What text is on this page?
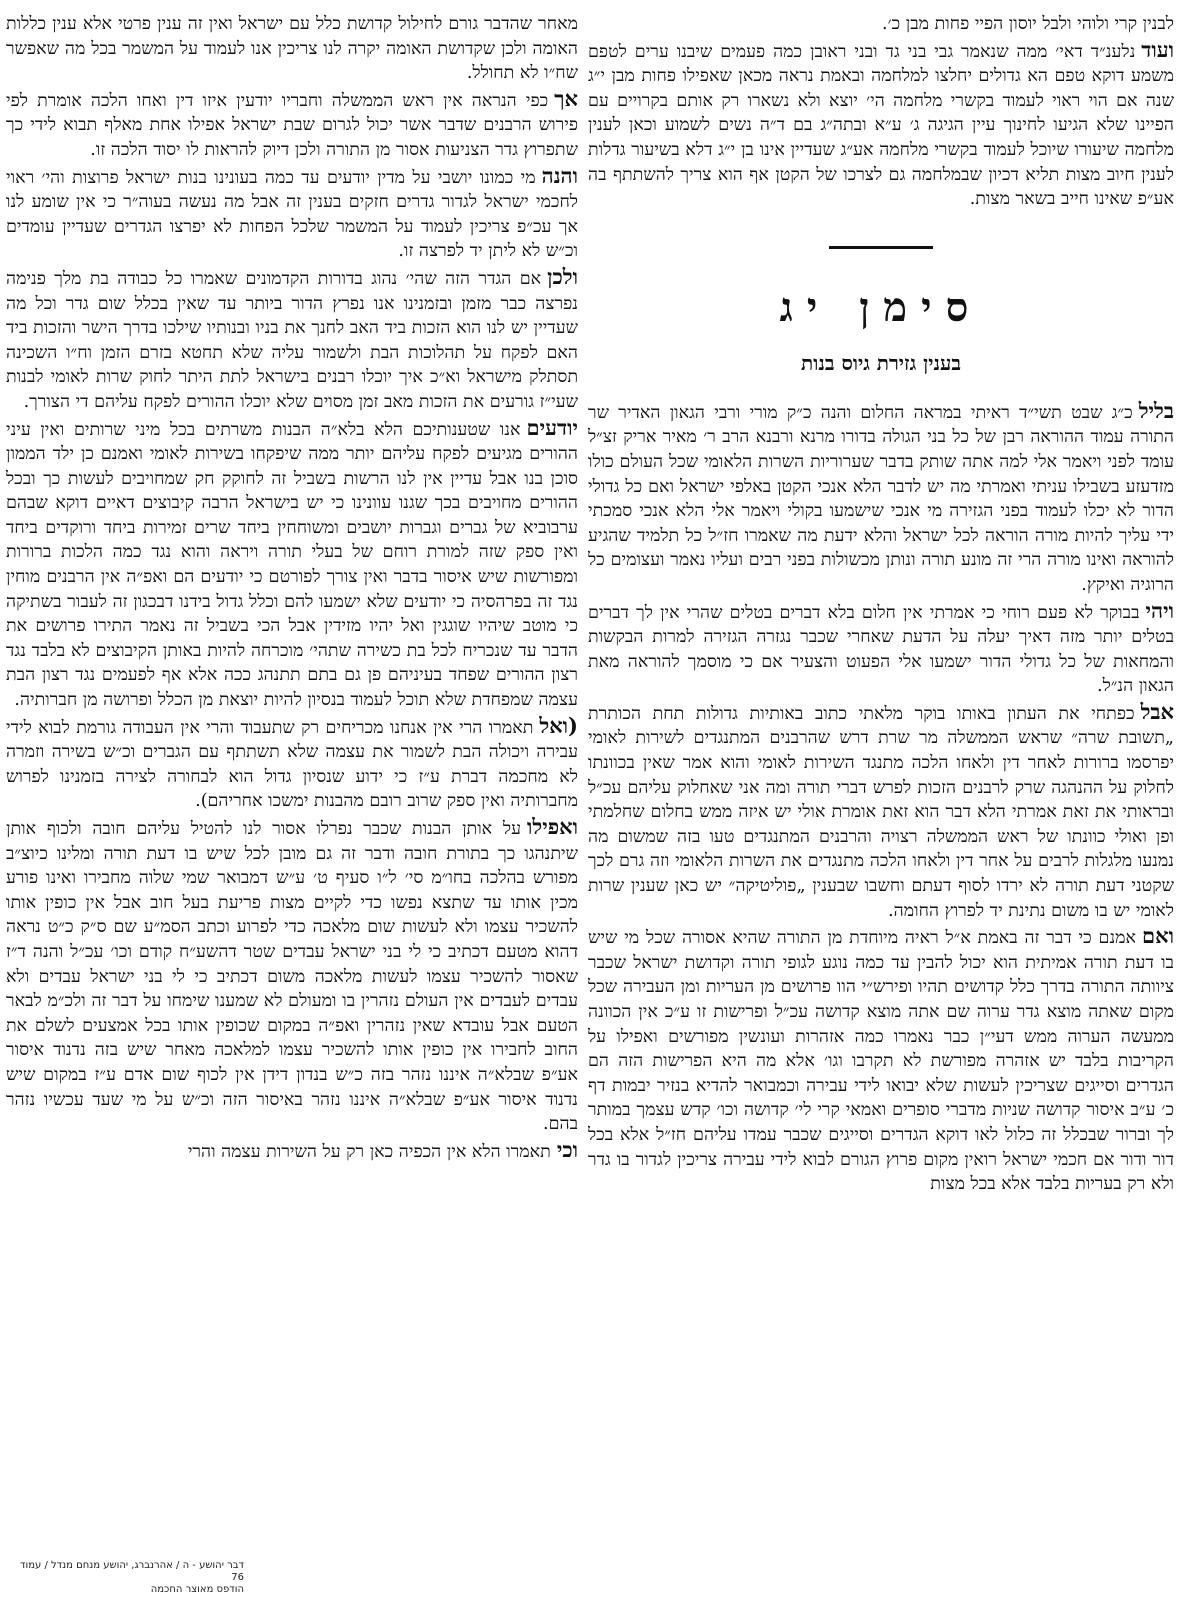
לבנין קרי ולוהי ולבל יוסון הפיי פחות מבן כ׳.

ועודנלענ״ד דאי׳ ממה שנאמר גבי בני גד ובני ראובן כמה פעמים שיבנו ערים לטפם משמע דוקא טפם הא גדולים יחלצו למלחמה ובאמת נראה מכאן שאפילו פחות מבן י״ג שנה אם הוי ראוי לעמוד בקשרי מלחמה הי׳ יוצא ולא נשארו רק אותם בקרויים עם הפיינו שלא הגיעו לחינוך עיין הגיגה ג׳ ע״א ובתה״ג בם ד״ה נשים לשמוע וכאן לענין מלחמה שיעורו שיוכל לעמוד בקשרי מלחמה אע״ג שעדיין אינו בן י״ג דלא בשיעור גדלות לענין חיוב מצות תליא דכיון שבמלחמה גם לצרכו של הקטן אף הוא צריך להשתתף בה אע״פ שאינו חייב בשאר מצות.

סימן יג
בענין גזירת גיוס בנות

בלילכ״ג שבט תשי״ד ראיתי במראה החלום והנה כ״ק מורי ורבי הגאון האדיר שר התורה עמוד ההוראה רבן של כל בני הגולה בדורו מרנא ורבנא הרב ר׳ מאיר אריק זצ״ל עומד לפני ויאמר אלי למה אתה שותק בדבר שערוריות השרות הלאומי שכל העולם כולו מזדעזע בשבילו עניתי ואמרתי מה יש לדבר הלא אנכי הקטן באלפי ישראל ואם כל גדולי הדור לא יכלו לעמוד בפני הגזירה מי אנכי שישמעו בקולי ויאמר אלי הלא אנכי סמכתי ידי עליך להיות מורה הוראה לכל ישראל והלא ידעת מה שאמרו חז״ל כל תלמיד שהגיע להוראה ואינו מורה הרי זה מונע תורה ונותן מכשולות בפני רבים ועליו נאמר ועצומים כל הרוגיה ואיקץ.

ויהיבבוקר לא פעם רוחי כי אמרתי אין חלום בלא דברים בטלים שהרי אין לך דברים בטלים יותר מזה דאיך יעלה על הדעת שאחרי שכבר נגזרה הגזירה למרות הבקשות והמחאות של כל גדולי הדור ישמעו אלי הפעוט והצעיר אם כי מוסמך להוראה מאת הגאון הנ״ל.

אבלכפתחי את העתון באותו בוקר מלאתי כתוב באותיות גדולות תחת הכותרת „תשובת שרה״ שראש הממשלה מר שרת דרש שהרבנים המתנגדים לשירות לאומי יפרסמו ברורות לאחר דין ולאחו הלכה מתנגד השירות לאומי והוא אמר שאין בכוונתו לחלוק על ההנהגה שרק לרבנים הזכות לפרש דברי תורה ומה אני שאחלוק עליהם עכ״ל ובראותי את זאת אמרתי הלא דבר הוא זאת אומרת אולי יש איזה ממש בחלום שחלמתי ופן ואולי כוונתו של ראש הממשלה רצויה והרבנים המתנגדים טעו בזה שמשום מה נמנעו מלגלות לרבים על אחר דין ולאחו הלכה מתנגדים את השרות הלאומי וזה גרם לכך שקטני דעת תורה לא ירדו לסוף דעתם וחשבו שבענין „פוליטיקה״ יש כאן שענין שרות לאומי יש בו משום נתינת יד לפרוץ החומה.

ואםאמנם כי דבר זה באמת א״ל ראיה מיוחדת מן התורה שהיא אסורה שכל מי שיש בו דעת תורה אמיתית הוא יכול להבין עד כמה נוגע לגופי תורה וקדושת ישראל שכבר ציוותה התורה בדרך כלל קדושים תהיו ופירש״י הוו פרושים מן העריות ומן העבירה שכל מקום שאתה מוצא גדר ערוה שם אתה מוצא קדושה עכ״ל ופרישות זו ע״כ אין הכוונה ממעשה הערוה ממש דעי״ן כבר נאמרו כמה אזהרות ועונשין מפורשים ואפילו על הקריבות בלבד יש אזהרה מפורשת לא תקרבו וגו׳ אלא מה היא הפרישות הזה הם הגדרים וסייגים שצריכין לעשות שלא יבואו לידי עבירה וכמבואר להדיא בנזיר יבמות דף כ׳ ע״ב איסור קדושה שניות מדברי סופרים ואמאי קרי לי׳ קדושה וכו׳ קדש עצמך במותר לך וברור שבכלל זה כלול לאו דוקא הגדרים וסייגים שכבר עמדו עליהם חז״ל אלא בכל דור ודור אם חכמי ישראל רואין מקום פרוץ הגורם לבוא לידי עבירה צריכין לגדור בו גדר ולא רק בעריות בלבד אלא בכל מצות

מאחר שהדבר גורם לחילול קדושת כלל עם ישראל ואין זה ענין פרטי אלא ענין כללות האומה ולכן שקדושת האומה יקרה לנו צריכין אנו לעמוד על המשמר בכל מה שאפשר שח״ו לא תחולל.

אךכפי הנראה אין ראש הממשלה וחבריו יודעין איזו דין ואחו הלכה אומרת לפי פירוש הרבנים שדבר אשר יכול לגרום שבת ישראל אפילו אחת מאלף תבוא לידי כך שתפרוץ גדר הצניעות אסור מן התורה ולכן דיוק להראות לו יסוד הלכה זו.

והנהמי כמונו יושבי על מדין יודעים עד כמה בעונינו בנות ישראל פרוצות והי׳ ראוי לחכמי ישראל לגדור גדרים חזקים בענין זה אבל מה נעשה בעוה״ר כי אין שומע לנו אך עכ״פ צריכין לעמוד על המשמר שלכל הפחות לא יפרצו הגדרים שעדיין עומדים וכ״ש לא ליתן יד לפרצה זו.

ולכןאם הגדר הזה שהי׳ נהוג בדורות הקדמונים שאמרו כל כבודה בת מלך פנימה נפרצה כבר מזמן ובזמנינו אנו נפרץ הדור ביותר עד שאין בכלל שום גדר וכל מה שעדיין יש לנו הוא הזכות ביד האב לחנך את בניו ובנותיו שילכו בדרך הישר והזכות ביד האם לפקח על תהלוכות הבת ולשמור עליה שלא תחטא בזרם הזמן וח״ו השכינה תסתלק מישראל וא״כ איך יוכלו רבנים בישראל לתת היתר לחוק שרות לאומי לבנות שעי״ז גורעים את הזכות מאב זמן מסוים שלא יוכלו ההורים לפקח עליהם די הצורך.

יודעיםאנו שטענותיכם הלא בלא״ה הבנות משרתים בכל מיני שרותים ואין עיני ההורים מגיעים לפקח עליהם יותר ממה שיפקחו בשירות לאומי ואמנם כן ילד הממון סוכן בנו אבל עדיין אין לנו הרשות בשביל זה לחוקק חק שמחויבים לעשות כך ובכל ההורים מחויבים בכך שגנו עוונינו כי יש בישראל הרבה קיבוצים דאיים דוקא שבהם ערבוביא של גברים וגברות יושבים ומשוחחין ביחד שרים זמירות ביחד ורוקדים ביחד ואין ספק שזה למורת רוחם של בעלי תורה ויראה והוא נגד כמה הלכות ברורות ומפורשות שיש איסור בדבר ואין צורך לפורטם כי יודעים הם ואפ״ה אין הרבנים מוחין נגד זה בפרהסיה כי יודעים שלא ישמעו להם וכלל גדול בידנו דבכגון זה לעבור בשתיקה כי מוטב שיהיו שוגגין ואל יהיו מזידין אבל הכי בשביל זה נאמר התירו פרושים את הדבר עד שנכריח לכל בת כשירה שתהי׳ מוכרחה להיות באותן הקיבוצים לא בלבד נגד רצון ההורים שפחד בעיניהם פן גם בתם תתנהג ככה אלא אף לפעמים נגד רצון הבת עצמה שמפחדת שלא תוכל לעמוד בנסיון להיות יוצאת מן הכלל ופרושה מן חברותיה.

(ואלתאמרו הרי אין אנחנו מכריחים רק שתעבוד והרי אין העבודה גורמת לבוא לידי עבירה ויכולה הבת לשמור את עצמה שלא תשתתף עם הגברים וכ״ש בשירה וזמרה לא מחכמה דברת ע״ז כי ידוע שנסיון גדול הוא לבחורה לצירה בזמנינו לפרוש מחברותיה ואין ספק שרוב רובם מהבנות ימשכו אחריהם).

ואפילועל אותן הבנות שכבר נפרלו אסור לנו להטיל עליהם חובה ולכוף אותן שיתנהגו כך בתורת חובה ודבר זה גם מובן לכל שיש בו דעת תורה ומלינו כיוצ״ב מפורש בהלכה בחו״מ סי׳ ל״ו סעיף ט׳ ע״ש דמבואר שמי שלוה מחבירו ואינו פורע מכין אותו עד שתצא נפשו כדי לקיים מצות פריעת בעל חוב אבל אין כופין אותו להשכיר עצמו ולא לעשות שום מלאכה כדי לפרוע וכתב הסמ״ע שם ס״ק כ״ט נראה דהוא מטעם דכתיב כי לי בני ישראל עבדים שטר דהשע״ח קודם וכו׳ עכ״ל והנה ד״ז שאסור להשכיר עצמו לעשות מלאכה משום דכתיב כי לי בני ישראל עבדים ולא עבדים לעבדים אין העולם נזהרין בו ומעולם לא שמענו שימחו על דבר זה ולכ״מ לבאר הטעם אבל עובדא שאין נזהרין ואפ״ה במקום שכופין אותו בכל אמצעים לשלם את החוב לחבירו אין כופין אותו להשכיר עצמו למלאכה מאחר שיש בזה נדנוד איסור אע״פ שבלא״ה איננו נזהר בזה כ״ש בנדון דידן אין לכוף שום אדם ע״ז במקום שיש נדנוד איסור אע״פ שבלא״ה איננו נזהר באיסור הזה וכ״ש על מי שעד עכשיו נזהר בהם.

וכיתאמרו הלא אין הכפיה כאן רק על השירות עצמה והרי

דבר יהושע - ה / אהרנברג, יהושע מנחם מנדל / עמוד 76
הודפס מאוצר החכמה
